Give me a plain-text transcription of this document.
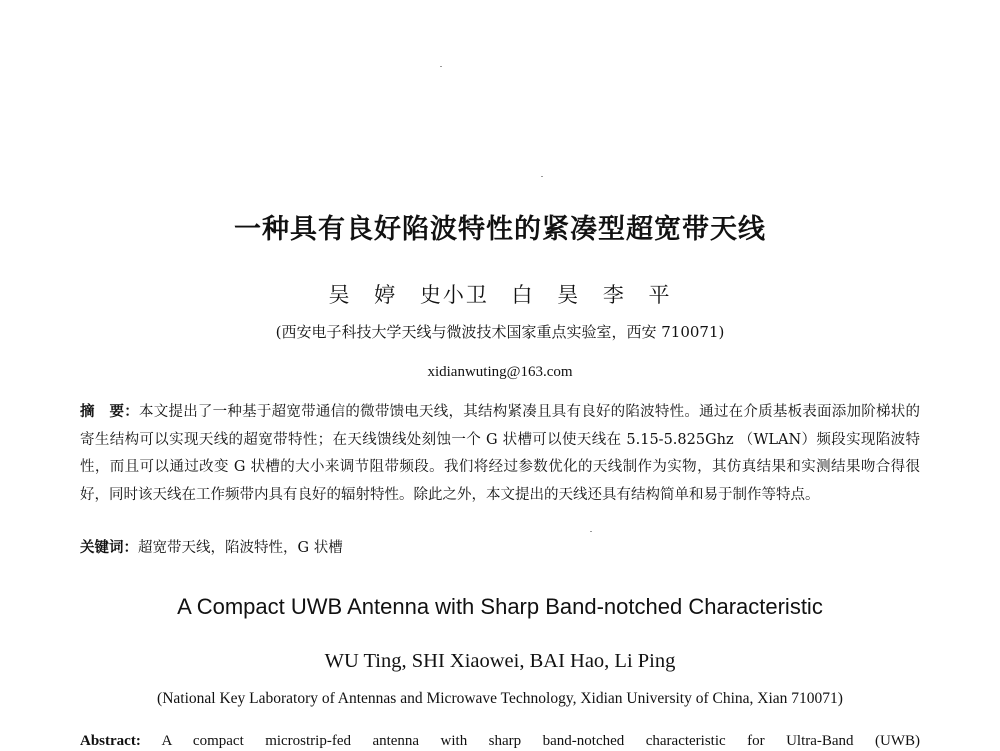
一种具有良好陷波特性的紧凑型超宽带天线
吴 婷 史小卫 白 昊 李 平
(西安电子科技大学天线与微波技术国家重点实验室，西安 710071)
xidianwuting@163.com
摘　要：本文提出了一种基于超宽带通信的微带馈电天线，其结构紧凑且具有良好的陷波特性。通过在介质基板表面添加阶梯状的寄生结构可以实现天线的超宽带特性；在天线馈线处刻蚀一个 G 状槽可以使天线在 5.15-5.825Ghz （WLAN）频段实现陷波特性，而且可以通过改变 G 状槽的大小来调节阻带频段。我们将经过参数优化的天线制作为实物，其仿真结果和实测结果吻合得很好，同时该天线在工作频带内具有良好的辐射特性。除此之外，本文提出的天线还具有结构简单和易于制作等特点。
关键词：超宽带天线，陷波特性，G 状槽
A Compact UWB Antenna with Sharp Band-notched Characteristic
WU Ting, SHI Xiaowei, BAI Hao, Li Ping
(National Key Laboratory of Antennas and Microwave Technology, Xidian University of China, Xian 710071)
Abstract: A compact microstrip-fed antenna with sharp band-notched characteristic for Ultra-Band (UWB)
